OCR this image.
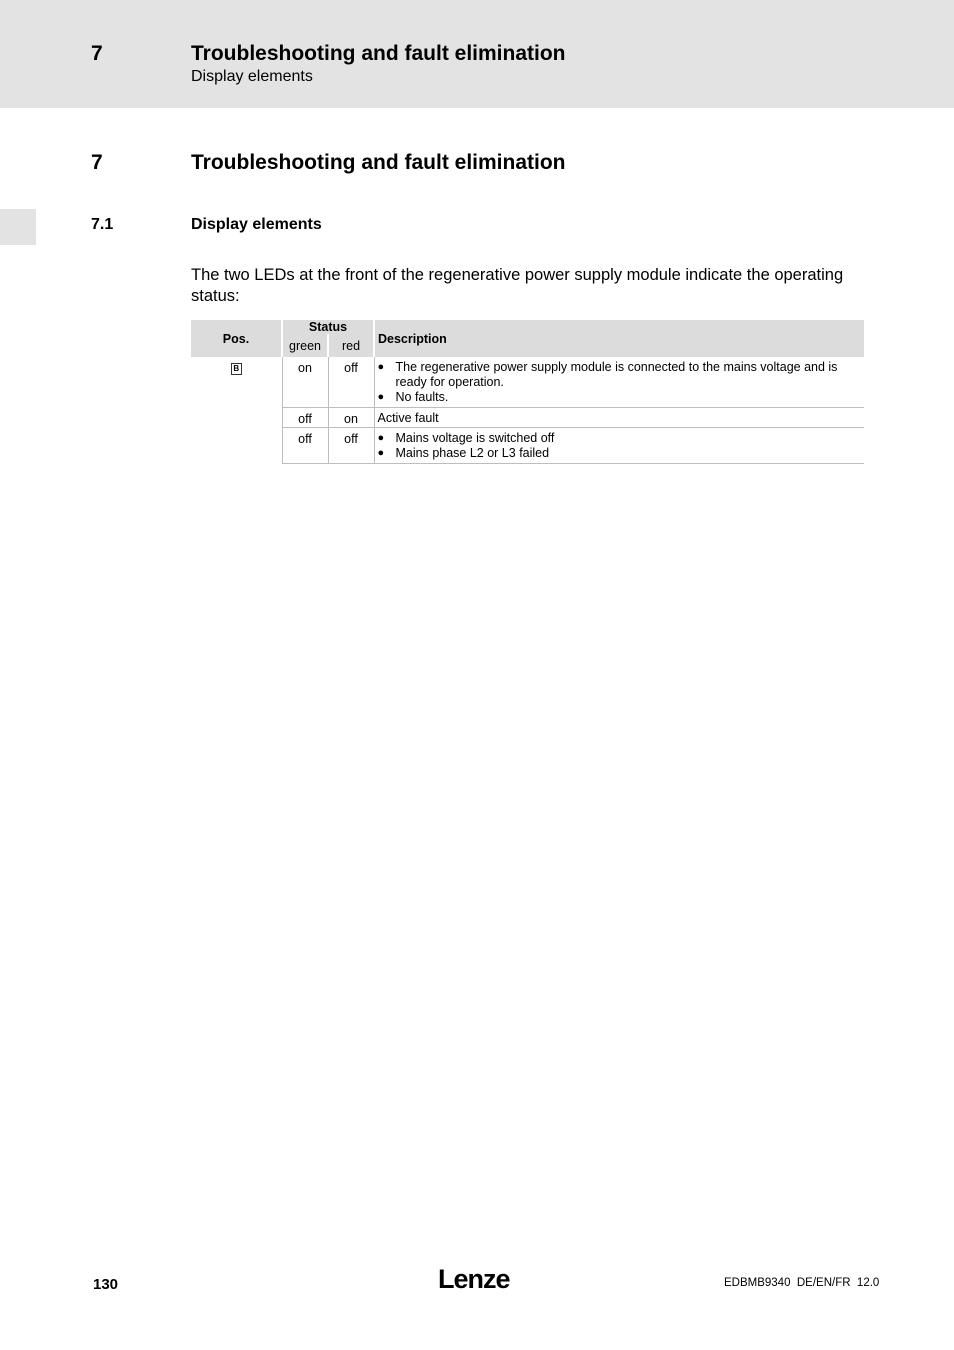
7	Troubleshooting and fault elimination
Display elements
7	Troubleshooting and fault elimination
7.1	Display elements
The two LEDs at the front of the regenerative power supply module indicate the operating status:
Pos.	Status		Description
	green	red	
B	on	off	● The regenerative power supply module is connected to the mains voltage and is ready for operation.
● No faults.

	off	on	Active fault
	off	off	● Mains voltage is switched off
● Mains phase L2 or L3 failed
130	Lenze	EDBMB9340  DE/EN/FR  12.0
